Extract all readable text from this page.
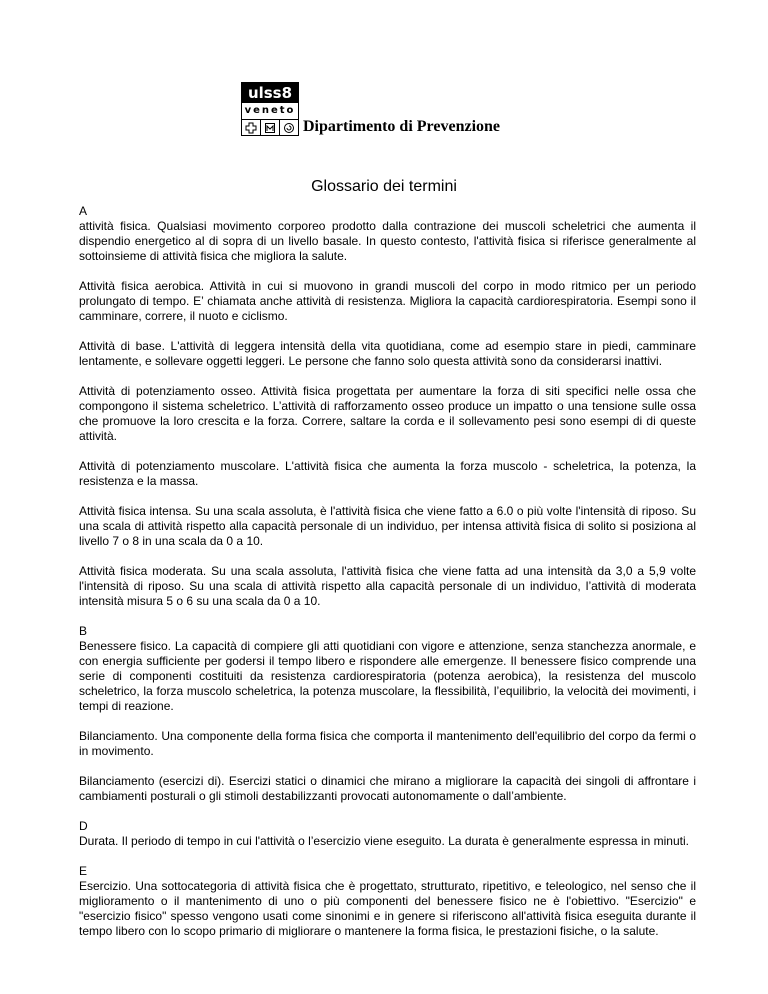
ulss8
veneto
Dipartimento di Prevenzione
Glossario dei termini
A
attività fisica. Qualsiasi movimento corporeo prodotto dalla contrazione dei muscoli scheletrici che aumenta il dispendio energetico al di sopra di un livello basale. In questo contesto, l'attività fisica si riferisce generalmente al sottoinsieme di attività fisica che migliora la salute.
Attività fisica aerobica. Attività in cui si muovono in grandi muscoli del corpo in modo ritmico per un periodo prolungato di tempo. E’ chiamata anche attività di resistenza. Migliora la capacità cardiorespiratoria. Esempi sono il camminare, correre, il nuoto e ciclismo.
Attività di base. L'attività di leggera intensità della vita quotidiana, come ad esempio stare in piedi, camminare lentamente, e sollevare oggetti leggeri. Le persone che fanno solo questa attività sono da considerarsi inattivi.
Attività di potenziamento osseo. Attività fisica progettata per aumentare la forza di siti specifici nelle ossa che compongono il sistema scheletrico. L’attività di rafforzamento osseo produce un impatto o una tensione sulle ossa che promuove la loro crescita e la forza. Correre, saltare la corda e il sollevamento pesi sono esempi di di queste attività.
Attività di potenziamento muscolare. L'attività fisica che aumenta la forza muscolo - scheletrica, la potenza, la resistenza e la massa.
Attività fisica intensa. Su una scala assoluta, è l'attività fisica che viene fatto a 6.0 o più volte l'intensità di riposo. Su una scala di attività rispetto alla capacità personale di un individuo, per intensa attività fisica di solito si posiziona al livello 7 o 8 in una scala da 0 a 10.
Attività fisica moderata. Su una scala assoluta, l'attività fisica che viene fatta ad una intensità da 3,0 a 5,9 volte l'intensità di riposo. Su una scala di attività rispetto alla capacità personale di un individuo, l’attività di moderata intensità misura 5 o 6 su una scala da 0 a 10.
B
Benessere fisico. La capacità di compiere gli atti quotidiani con vigore e attenzione, senza stanchezza anormale, e con energia sufficiente per godersi il tempo libero e rispondere alle emergenze. Il benessere fisico comprende una serie di componenti costituiti da resistenza cardiorespiratoria (potenza aerobica), la resistenza del muscolo scheletrico, la forza muscolo scheletrica, la potenza muscolare, la flessibilità, l’equilibrio, la velocità dei movimenti, i tempi di reazione.
Bilanciamento. Una componente della forma fisica che comporta il mantenimento dell'equilibrio del corpo da fermi o in movimento.
Bilanciamento (esercizi di). Esercizi statici o dinamici che mirano a migliorare la capacità dei singoli di affrontare i cambiamenti posturali o gli stimoli destabilizzanti provocati autonomamente o dall’ambiente.
D
Durata. Il periodo di tempo in cui l'attività o l’esercizio viene eseguito. La durata è generalmente espressa in minuti.
E
Esercizio. Una sottocategoria di attività fisica che è progettato, strutturato, ripetitivo, e teleologico, nel senso che il miglioramento o il mantenimento di uno o più componenti del benessere fisico ne è l'obiettivo. "Esercizio" e "esercizio fisico" spesso vengono usati come sinonimi e in genere si riferiscono all'attività fisica eseguita durante il tempo libero con lo scopo primario di migliorare o mantenere la forma fisica, le prestazioni fisiche, o la salute.
